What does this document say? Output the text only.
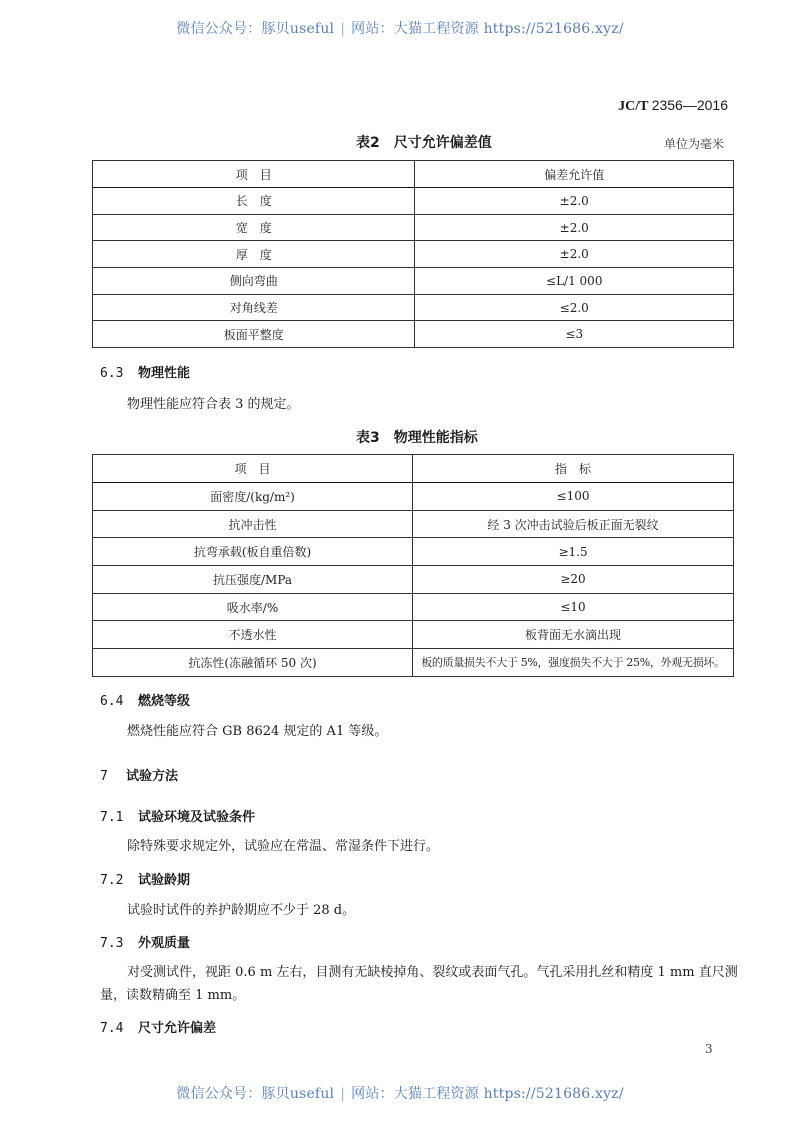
微信公众号：豚贝useful | 网站：大猫工程资源 https://521686.xyz/
JC/T 2356—2016
表2　尺寸允许偏差值	单位为毫米
项　目	偏差允许值
长　度	±2.0
宽　度	±2.0
厚　度	±2.0
侧向弯曲	≤L/1 000
对角线差	≤2.0
板面平整度	≤3
6.3 物理性能
物理性能应符合表 3 的规定。
表3　物理性能指标
项　目	指　标
面密度/(kg/m²)	≤100
抗冲击性	经 3 次冲击试验后板正面无裂纹
抗弯承载(板自重倍数)	≥1.5
抗压强度/MPa	≥20
吸水率/%	≤10
不透水性	板背面无水滴出现
抗冻性(冻融循环 50 次)	板的质量损失不大于 5%，强度损失不大于 25%，外观无损坏。
6.4 燃烧等级
燃烧性能应符合 GB 8624 规定的 A1 等级。
7 试验方法
7.1 试验环境及试验条件
除特殊要求规定外，试验应在常温、常湿条件下进行。
7.2 试验龄期
试验时试件的养护龄期应不少于 28 d。
7.3 外观质量
对受测试件，视距 0.6 m 左右，目测有无缺棱掉角、裂纹或表面气孔。气孔采用扎丝和精度 1 mm 直尺测量，读数精确至 1 mm。
7.4 尺寸允许偏差
3
微信公众号：豚贝useful | 网站：大猫工程资源 https://521686.xyz/
